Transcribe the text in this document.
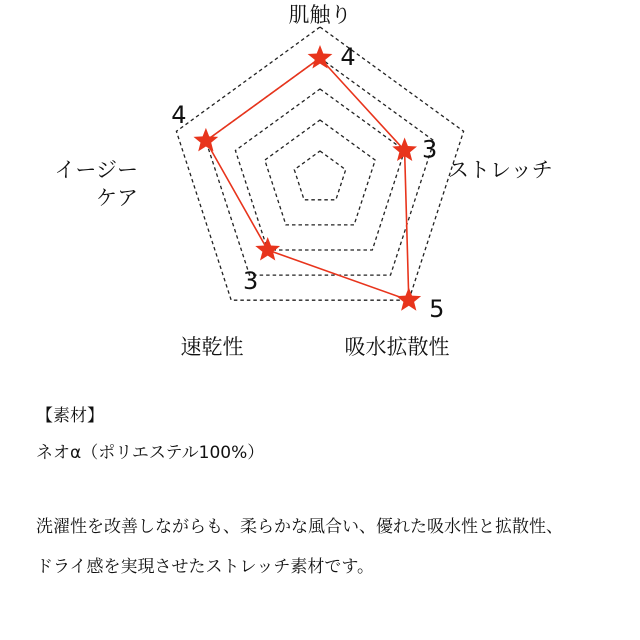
肌触り
ストレッチ
吸水拡散性
速乾性
イージーケア
4
3
5
3
4
【素材】
ネオα（ポリエステル100%）
洗濯性を改善しながらも、柔らかな風合い、優れた吸水性と拡散性、
ドライ感を実現させたストレッチ素材です。
